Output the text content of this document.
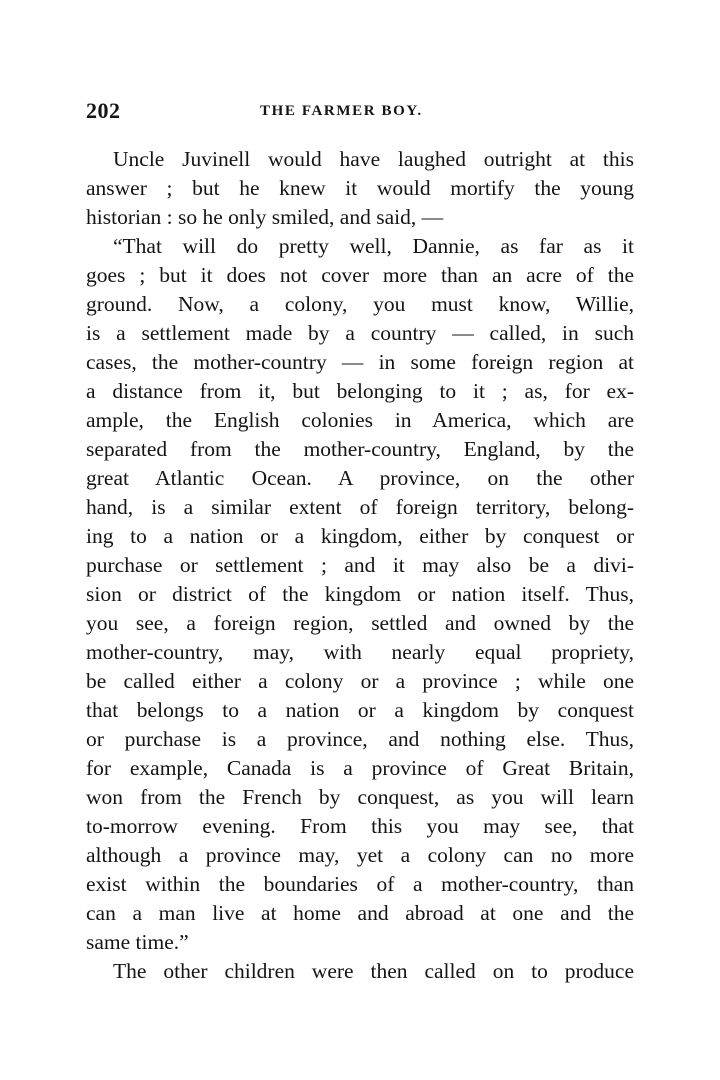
202	THE FARMER BOY.
Uncle Juvinell would have laughed outright at this
answer ; but he knew it would mortify the young
historian : so he only smiled, and said, —
“That will do pretty well, Dannie, as far as it
goes ; but it does not cover more than an acre of the
ground. Now, a colony, you must know, Willie,
is a settlement made by a country — called, in such
cases, the mother-country — in some foreign region at
a distance from it, but belonging to it ; as, for ex-
ample, the English colonies in America, which are
separated from the mother-country, England, by the
great Atlantic Ocean. A province, on the other
hand, is a similar extent of foreign territory, belong-
ing to a nation or a kingdom, either by conquest or
purchase or settlement ; and it may also be a divi-
sion or district of the kingdom or nation itself. Thus,
you see, a foreign region, settled and owned by the
mother-country, may, with nearly equal propriety,
be called either a colony or a province ; while one
that belongs to a nation or a kingdom by conquest
or purchase is a province, and nothing else. Thus,
for example, Canada is a province of Great Britain,
won from the French by conquest, as you will learn
to-morrow evening. From this you may see, that
although a province may, yet a colony can no more
exist within the boundaries of a mother-country, than
can a man live at home and abroad at one and the
same time.”
The other children were then called on to produce
